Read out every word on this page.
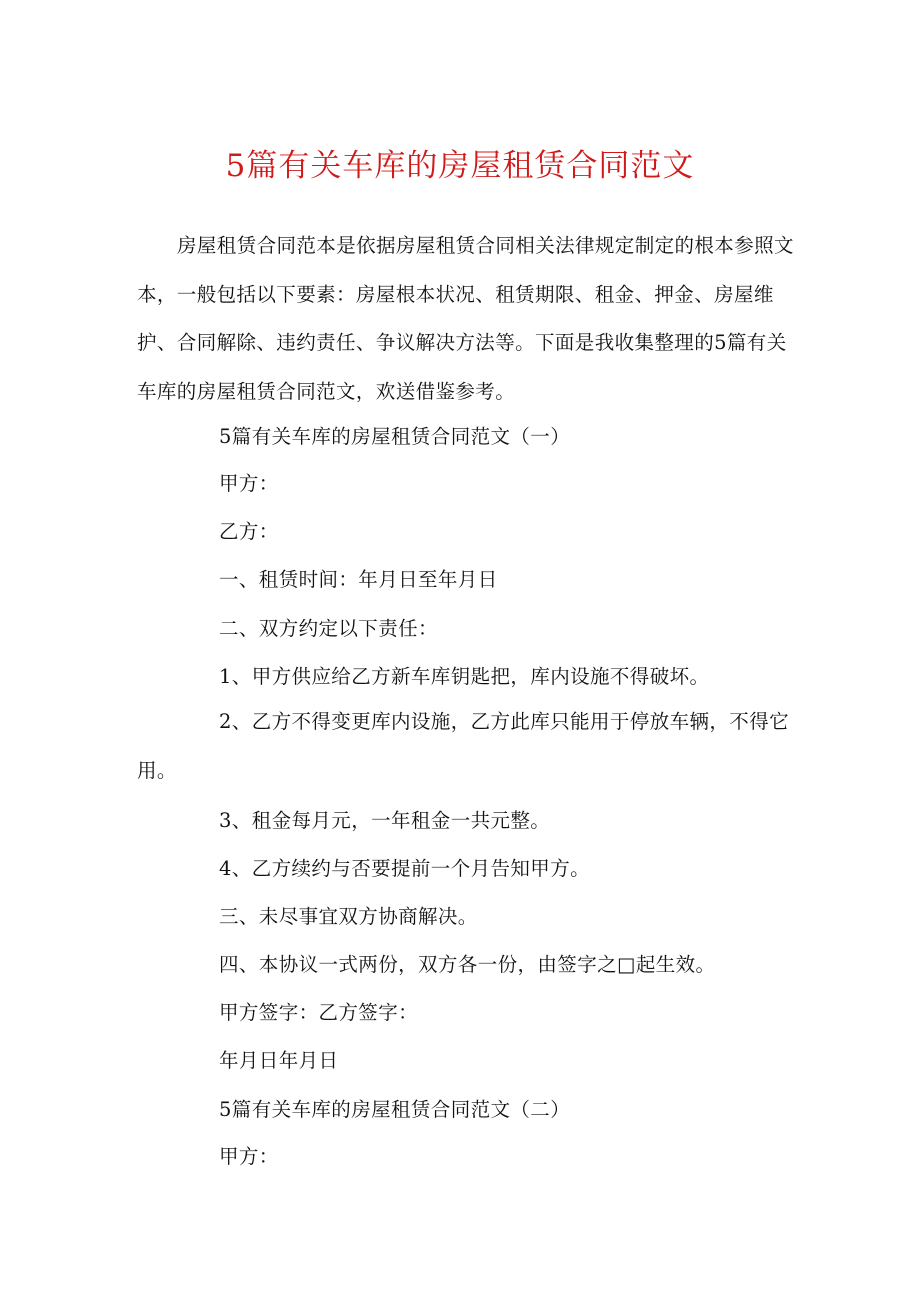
5篇有关车库的房屋租赁合同范文

房屋租赁合同范本是依据房屋租赁合同相关法律规定制定的根本参照文本，一般包括以下要素：房屋根本状况、租赁期限、租金、押金、房屋维护、合同解除、违约责任、争议解决方法等。下面是我收集整理的5篇有关车库的房屋租赁合同范文，欢送借鉴参考。

5篇有关车库的房屋租赁合同范文（一）

甲方：

乙方：

一、租赁时间：年月日至年月日

二、双方约定以下责任：

1、甲方供应给乙方新车库钥匙把，库内设施不得破坏。

2、乙方不得变更库内设施，乙方此库只能用于停放车辆，不得它用。

3、租金每月元，一年租金一共元整。

4、乙方续约与否要提前一个月告知甲方。

三、未尽事宜双方协商解决。

四、本协议一式两份，双方各一份，由签字之□起生效。

甲方签字：乙方签字：

年月日年月日

5篇有关车库的房屋租赁合同范文（二）

甲方：
